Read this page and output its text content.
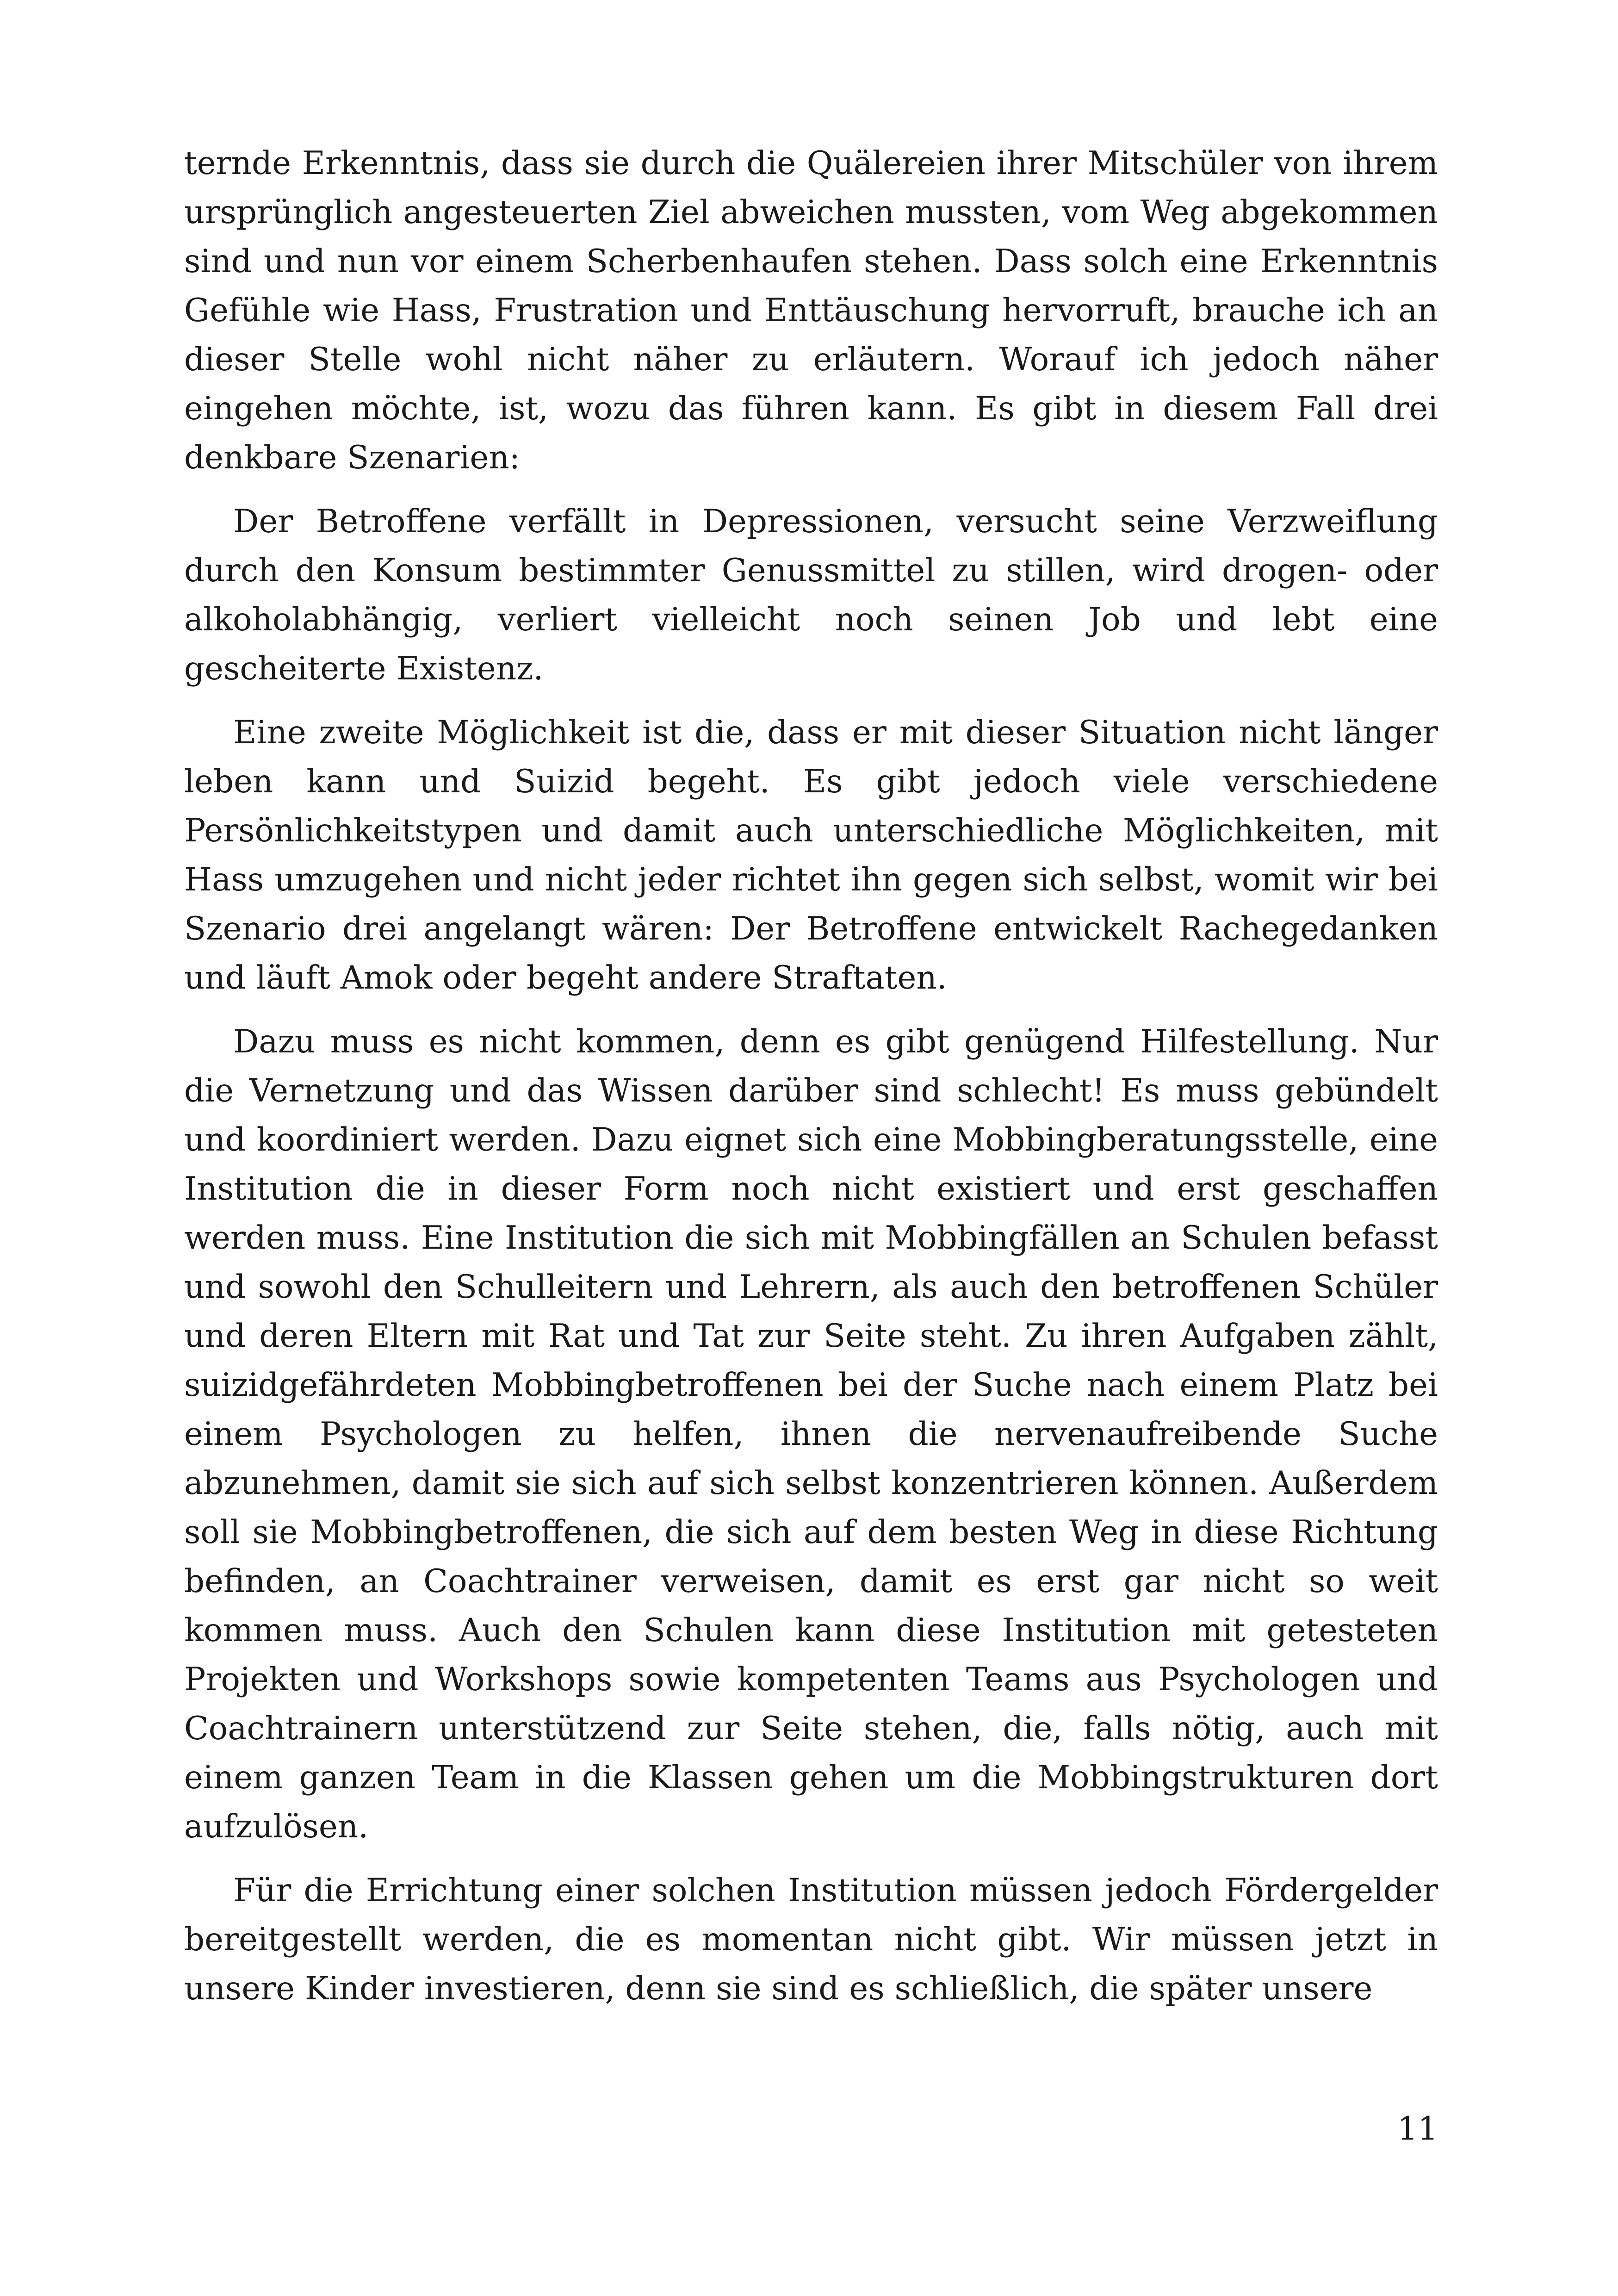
ternde Erkenntnis, dass sie durch die Quälereien ihrer Mitschüler von ihrem ursprünglich angesteuerten Ziel abweichen mussten, vom Weg abgekommen sind und nun vor einem Scherbenhaufen stehen. Dass solch eine Erkenntnis Gefühle wie Hass, Frustration und Enttäuschung hervorruft, brauche ich an dieser Stelle wohl nicht näher zu erläutern. Worauf ich jedoch näher eingehen möchte, ist, wozu das führen kann. Es gibt in diesem Fall drei denkbare Szenarien:

Der Betroffene verfällt in Depressionen, versucht seine Verzweiflung durch den Konsum bestimmter Genussmittel zu stillen, wird drogen- oder alkoholabhängig, verliert vielleicht noch seinen Job und lebt eine gescheiterte Existenz.

Eine zweite Möglichkeit ist die, dass er mit dieser Situation nicht länger leben kann und Suizid begeht. Es gibt jedoch viele verschiedene Persönlichkeitstypen und damit auch unterschiedliche Möglichkeiten, mit Hass umzugehen und nicht jeder richtet ihn gegen sich selbst, womit wir bei Szenario drei angelangt wären: Der Betroffene entwickelt Rachegedanken und läuft Amok oder begeht andere Straftaten.

Dazu muss es nicht kommen, denn es gibt genügend Hilfestellung. Nur die Vernetzung und das Wissen darüber sind schlecht! Es muss gebündelt und koordiniert werden. Dazu eignet sich eine Mobbingberatungsstelle, eine Institution die in dieser Form noch nicht existiert und erst geschaffen werden muss. Eine Institution die sich mit Mobbingfällen an Schulen befasst und sowohl den Schulleitern und Lehrern, als auch den betroffenen Schüler und deren Eltern mit Rat und Tat zur Seite steht. Zu ihren Aufgaben zählt, suizidgefährdeten Mobbingbetroffenen bei der Suche nach einem Platz bei einem Psychologen zu helfen, ihnen die nervenaufreibende Suche abzunehmen, damit sie sich auf sich selbst konzentrieren können. Außerdem soll sie Mobbingbetroffenen, die sich auf dem besten Weg in diese Richtung befinden, an Coachtrainer verweisen, damit es erst gar nicht so weit kommen muss. Auch den Schulen kann diese Institution mit getesteten Projekten und Workshops sowie kompetenten Teams aus Psychologen und Coachtrainern unterstützend zur Seite stehen, die, falls nötig, auch mit einem ganzen Team in die Klassen gehen um die Mobbingstrukturen dort aufzulösen.

Für die Errichtung einer solchen Institution müssen jedoch Fördergelder bereitgestellt werden, die es momentan nicht gibt. Wir müssen jetzt in unsere Kinder investieren, denn sie sind es schließlich, die später unsere

11
